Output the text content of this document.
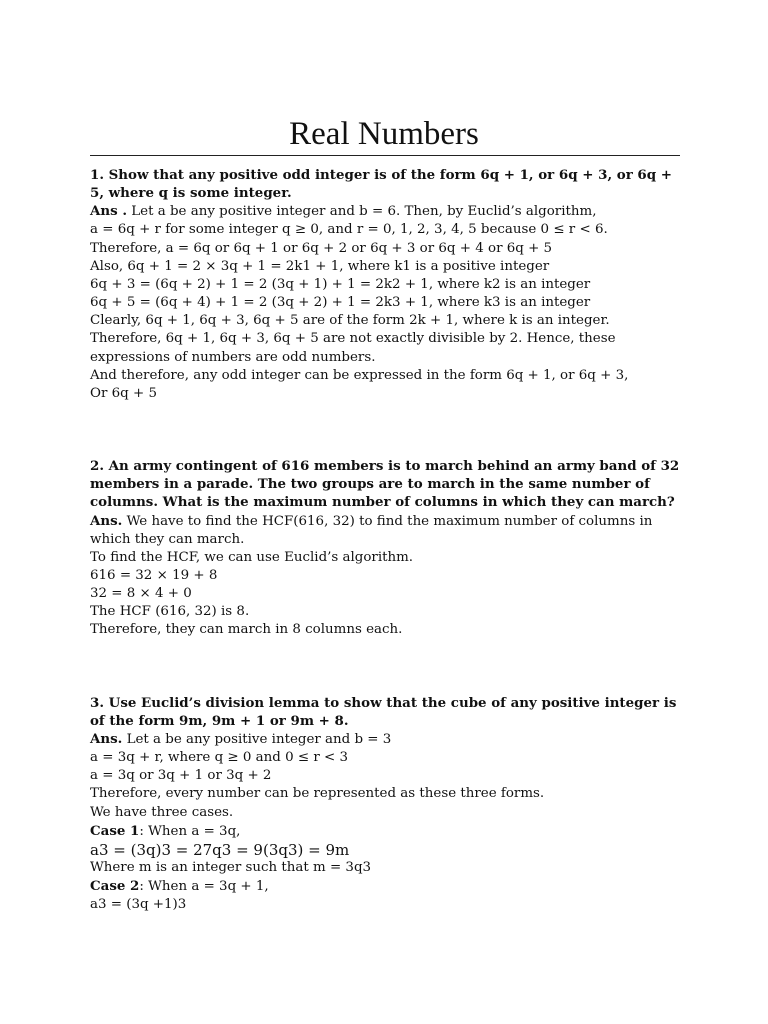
Real Numbers
1. Show that any positive odd integer is of the form 6q + 1, or 6q + 3, or 6q + 5, where q is some integer.
Ans . Let a be any positive integer and b = 6. Then, by Euclid’s algorithm,
a = 6q + r for some integer q ≥ 0, and r = 0, 1, 2, 3, 4, 5 because 0 ≤ r < 6.
Therefore, a = 6q or 6q + 1 or 6q + 2 or 6q + 3 or 6q + 4 or 6q + 5
Also, 6q + 1 = 2 × 3q + 1 = 2k1 + 1, where k1 is a positive integer
6q + 3 = (6q + 2) + 1 = 2 (3q + 1) + 1 = 2k2 + 1, where k2 is an integer
6q + 5 = (6q + 4) + 1 = 2 (3q + 2) + 1 = 2k3 + 1, where k3 is an integer
Clearly, 6q + 1, 6q + 3, 6q + 5 are of the form 2k + 1, where k is an integer.
Therefore, 6q + 1, 6q + 3, 6q + 5 are not exactly divisible by 2. Hence, these expressions of numbers are odd numbers.
And therefore, any odd integer can be expressed in the form 6q + 1, or 6q + 3,
Or 6q + 5
2. An army contingent of 616 members is to march behind an army band of 32 members in a parade. The two groups are to march in the same number of columns. What is the maximum number of columns in which they can march?
Ans. We have to find the HCF(616, 32) to find the maximum number of columns in which they can march.
To find the HCF, we can use Euclid’s algorithm.
616 = 32 × 19 + 8
32 = 8 × 4 + 0
The HCF (616, 32) is 8.
Therefore, they can march in 8 columns each.
3. Use Euclid’s division lemma to show that the cube of any positive integer is of the form 9m, 9m + 1 or 9m + 8.
Ans. Let a be any positive integer and b = 3
a = 3q + r, where q ≥ 0 and 0 ≤ r < 3
a = 3q or 3q + 1 or 3q + 2
Therefore, every number can be represented as these three forms.
We have three cases.
Case 1: When a = 3q,
a3 = (3q)3 = 27q3 = 9(3q3) = 9m
Where m is an integer such that m = 3q3
Case 2: When a = 3q + 1,
a3 = (3q +1)3
